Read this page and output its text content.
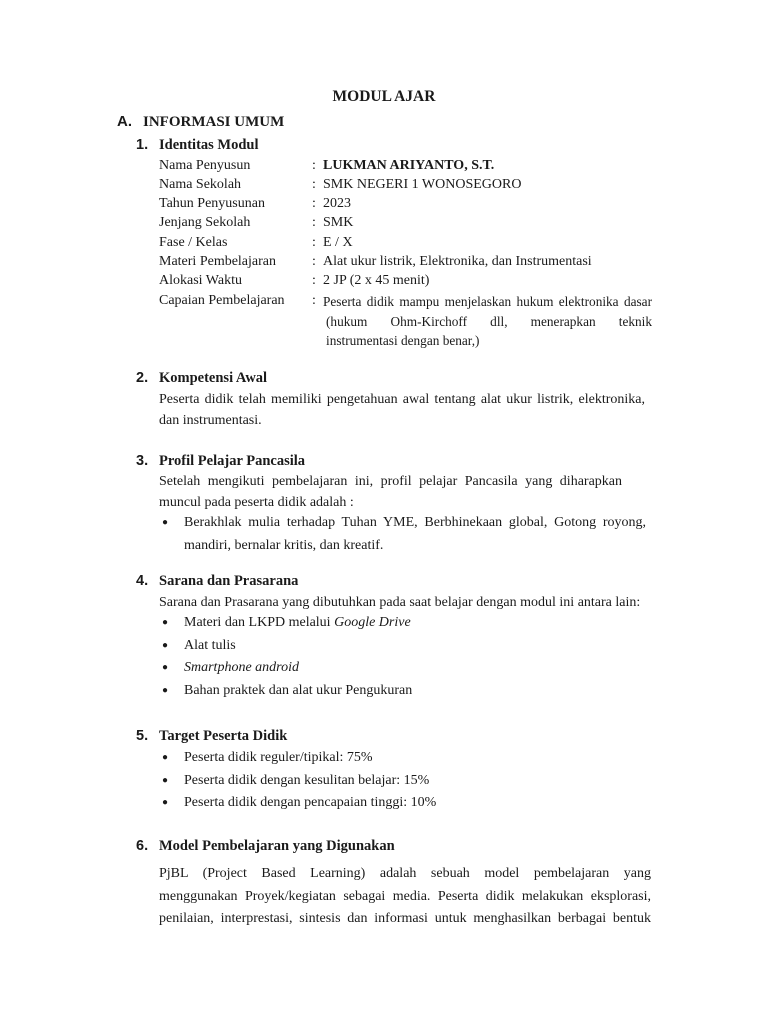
MODUL AJAR
A. INFORMASI UMUM
1. Identitas Modul
Nama Penyusun	: LUKMAN ARIYANTO, S.T.
Nama Sekolah	: SMK NEGERI 1 WONOSEGORO
Tahun Penyusunan	: 2023
Jenjang Sekolah	: SMK
Fase / Kelas	: E / X
Materi Pembelajaran	: Alat ukur listrik, Elektronika, dan Instrumentasi
Alokasi Waktu	: 2 JP (2 x 45 menit)
Capaian Pembelajaran : Peserta didik mampu menjelaskan hukum elektronika dasar
(hukum Ohm-Kirchoff dll, menerapkan teknik
instrumentasi dengan benar,)
2. Kompetensi Awal
Peserta didik telah memiliki pengetahuan awal tentang alat ukur listrik, elektronika,
dan instrumentasi.
3. Profil Pelajar Pancasila
Setelah mengikuti pembelajaran ini, profil pelajar Pancasila yang diharapkan
muncul pada peserta didik adalah :
● Berakhlak mulia terhadap Tuhan YME, Berbhinekaan global, Gotong royong,
mandiri, bernalar kritis, dan kreatif.
4. Sarana dan Prasarana
Sarana dan Prasarana yang dibutuhkan pada saat belajar dengan modul ini antara lain:
● Materi dan LKPD melalui Google Drive
● Alat tulis
● Smartphone android
● Bahan praktek dan alat ukur Pengukuran
5. Target Peserta Didik
● Peserta didik reguler/tipikal: 75%
● Peserta didik dengan kesulitan belajar: 15%
● Peserta didik dengan pencapaian tinggi: 10%
6. Model Pembelajaran yang Digunakan
PjBL (Project Based Learning) adalah sebuah model pembelajaran yang
menggunakan Proyek/kegiatan sebagai media. Peserta didik melakukan eksplorasi,
penilaian, interprestasi, sintesis dan informasi untuk menghasilkan berbagai bentuk
